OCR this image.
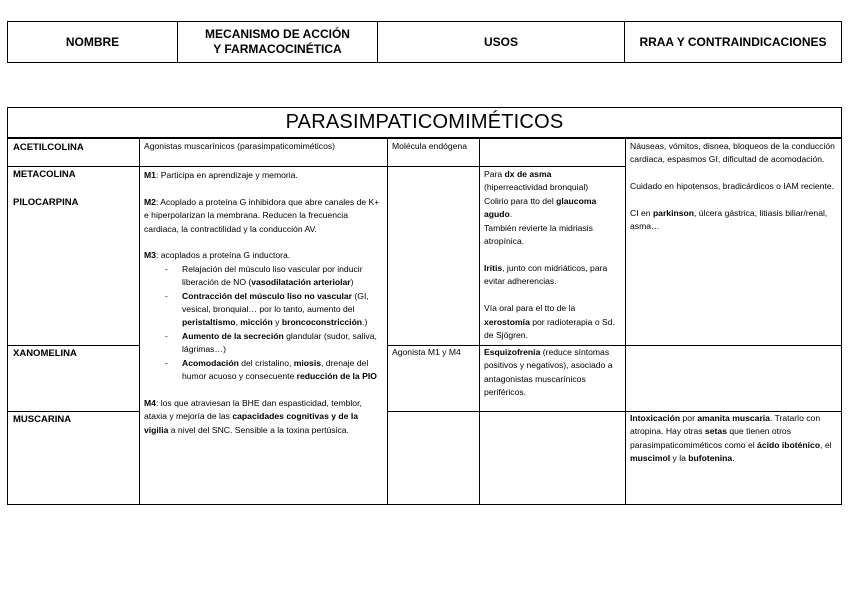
NOMBRE
MECANISMO DE ACCIÓN
Y FARMACOCINÉTICA
USOS	RRAA Y CONTRAINDICACIONES
PARASIMPATICOMIMÉTICOS
ACETILCOLINA
METACOLINA
PILOCARPINA
XANOMELINA
MUSCARINA
Agonistas muscarínicos (parasimpaticomiméticos)

M1: Participa en aprendizaje y memoria.

M2: Acoplado a proteína G inhibidora que abre canales de K+ e hiperpolarizan la membrana. Reducen la frecuencia cardiaca, la contractilidad y la conducción AV.

M3: acoplados a proteína G inductora.

- Relajación del músculo liso vascular por inducir liberación de NO (vasodilatación arteriolar)
- Contracción del músculo liso no vascular (GI, vesical, bronquial… por lo tanto, aumento del peristaltismo, micción y broncoconstricción.)
- Aumento de la secreción glandular (sudor, saliva, lágrimas…)
- Acomodación del cristalino, miosis, drenaje del humor acuoso y consecuente reducción de la PIO

M4: los que atraviesan la BHE dan espasticidad, temblor, ataxia y mejoría de las capacidades cognitivas y de la vigilia a nivel del SNC. Sensible a la toxina pertúsica.

Molécula endógena
Agonista M1 y M4
Para dx de asma
(hiperreactividad bronquial)

Colirio para tto del glaucoma agudo.

También revierte la midriasis atropínica.

Iritis, junto con midriáticos, para evitar adherencias.

Vía oral para el tto de la xerostomía por radioterapia o Sd. de Sjögren.

Esquizofrenia (reduce síntomas positivos y negativos), asociado a antagonistas muscarínicos periféricos.

Náuseas, vómitos, disnea, bloqueos de la conducción cardiaca, espasmos GI, dificultad de acomodación.

Cuidado en hipotensos, bradicárdicos o IAM reciente.

CI en parkinson, úlcera gástrica, litiasis biliar/renal, asma…

Intoxicación por amanita muscaria. Tratarlo con atropina. Hay otras setas que tienen otros parasimpaticomiméticos como el ácido iboténico, el muscimol y la bufotenina.
